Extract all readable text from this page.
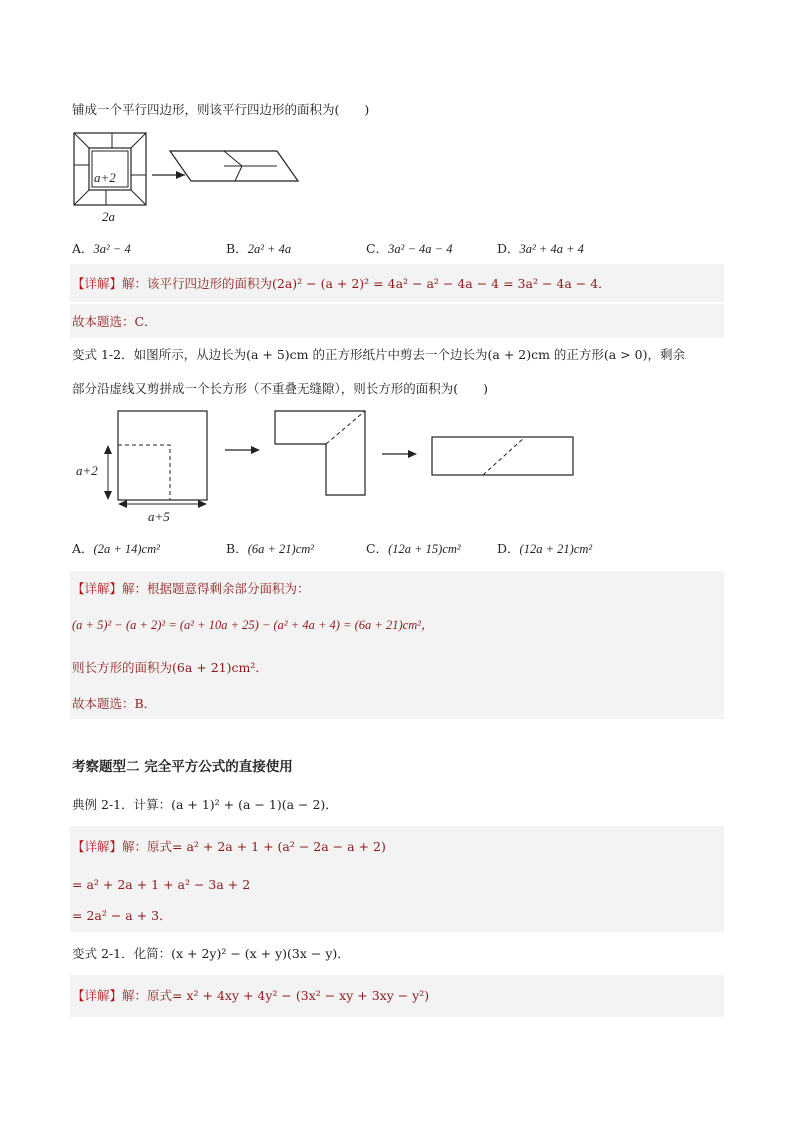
铺成一个平行四边形，则该平行四边形的面积为(　　)
a+2
2a
A．3a² − 4	B．2a² + 4a	C．3a² − 4a − 4	D．3a² + 4a + 4
【详解】解：该平行四边形的面积为(2a)² − (a + 2)² = 4a² − a² − 4a − 4 = 3a² − 4a − 4．
故本题选：C．
变式 1-2．如图所示，从边长为(a + 5)cm 的正方形纸片中剪去一个边长为(a + 2)cm 的正方形(a > 0)，剩余
部分沿虚线又剪拼成一个长方形（不重叠无缝隙），则长方形的面积为(　　)
a+2
a+5
A．(2a + 14)cm²	B．(6a + 21)cm²	C．(12a + 15)cm²	D．(12a + 21)cm²
【详解】解：根据题意得剩余部分面积为：
(a + 5)² − (a + 2)² = (a² + 10a + 25) − (a² + 4a + 4) = (6a + 21)cm²，
则长方形的面积为(6a + 21)cm²．
故本题选：B．
考察题型二 完全平方公式的直接使用
典例 2-1．计算：(a + 1)² + (a − 1)(a − 2)．
【详解】解：原式= a² + 2a + 1 + (a² − 2a − a + 2)
= a² + 2a + 1 + a² − 3a + 2
= 2a² − a + 3．
变式 2-1．化简：(x + 2y)² − (x + y)(3x − y)．
【详解】解：原式= x² + 4xy + 4y² − (3x² − xy + 3xy − y²)
